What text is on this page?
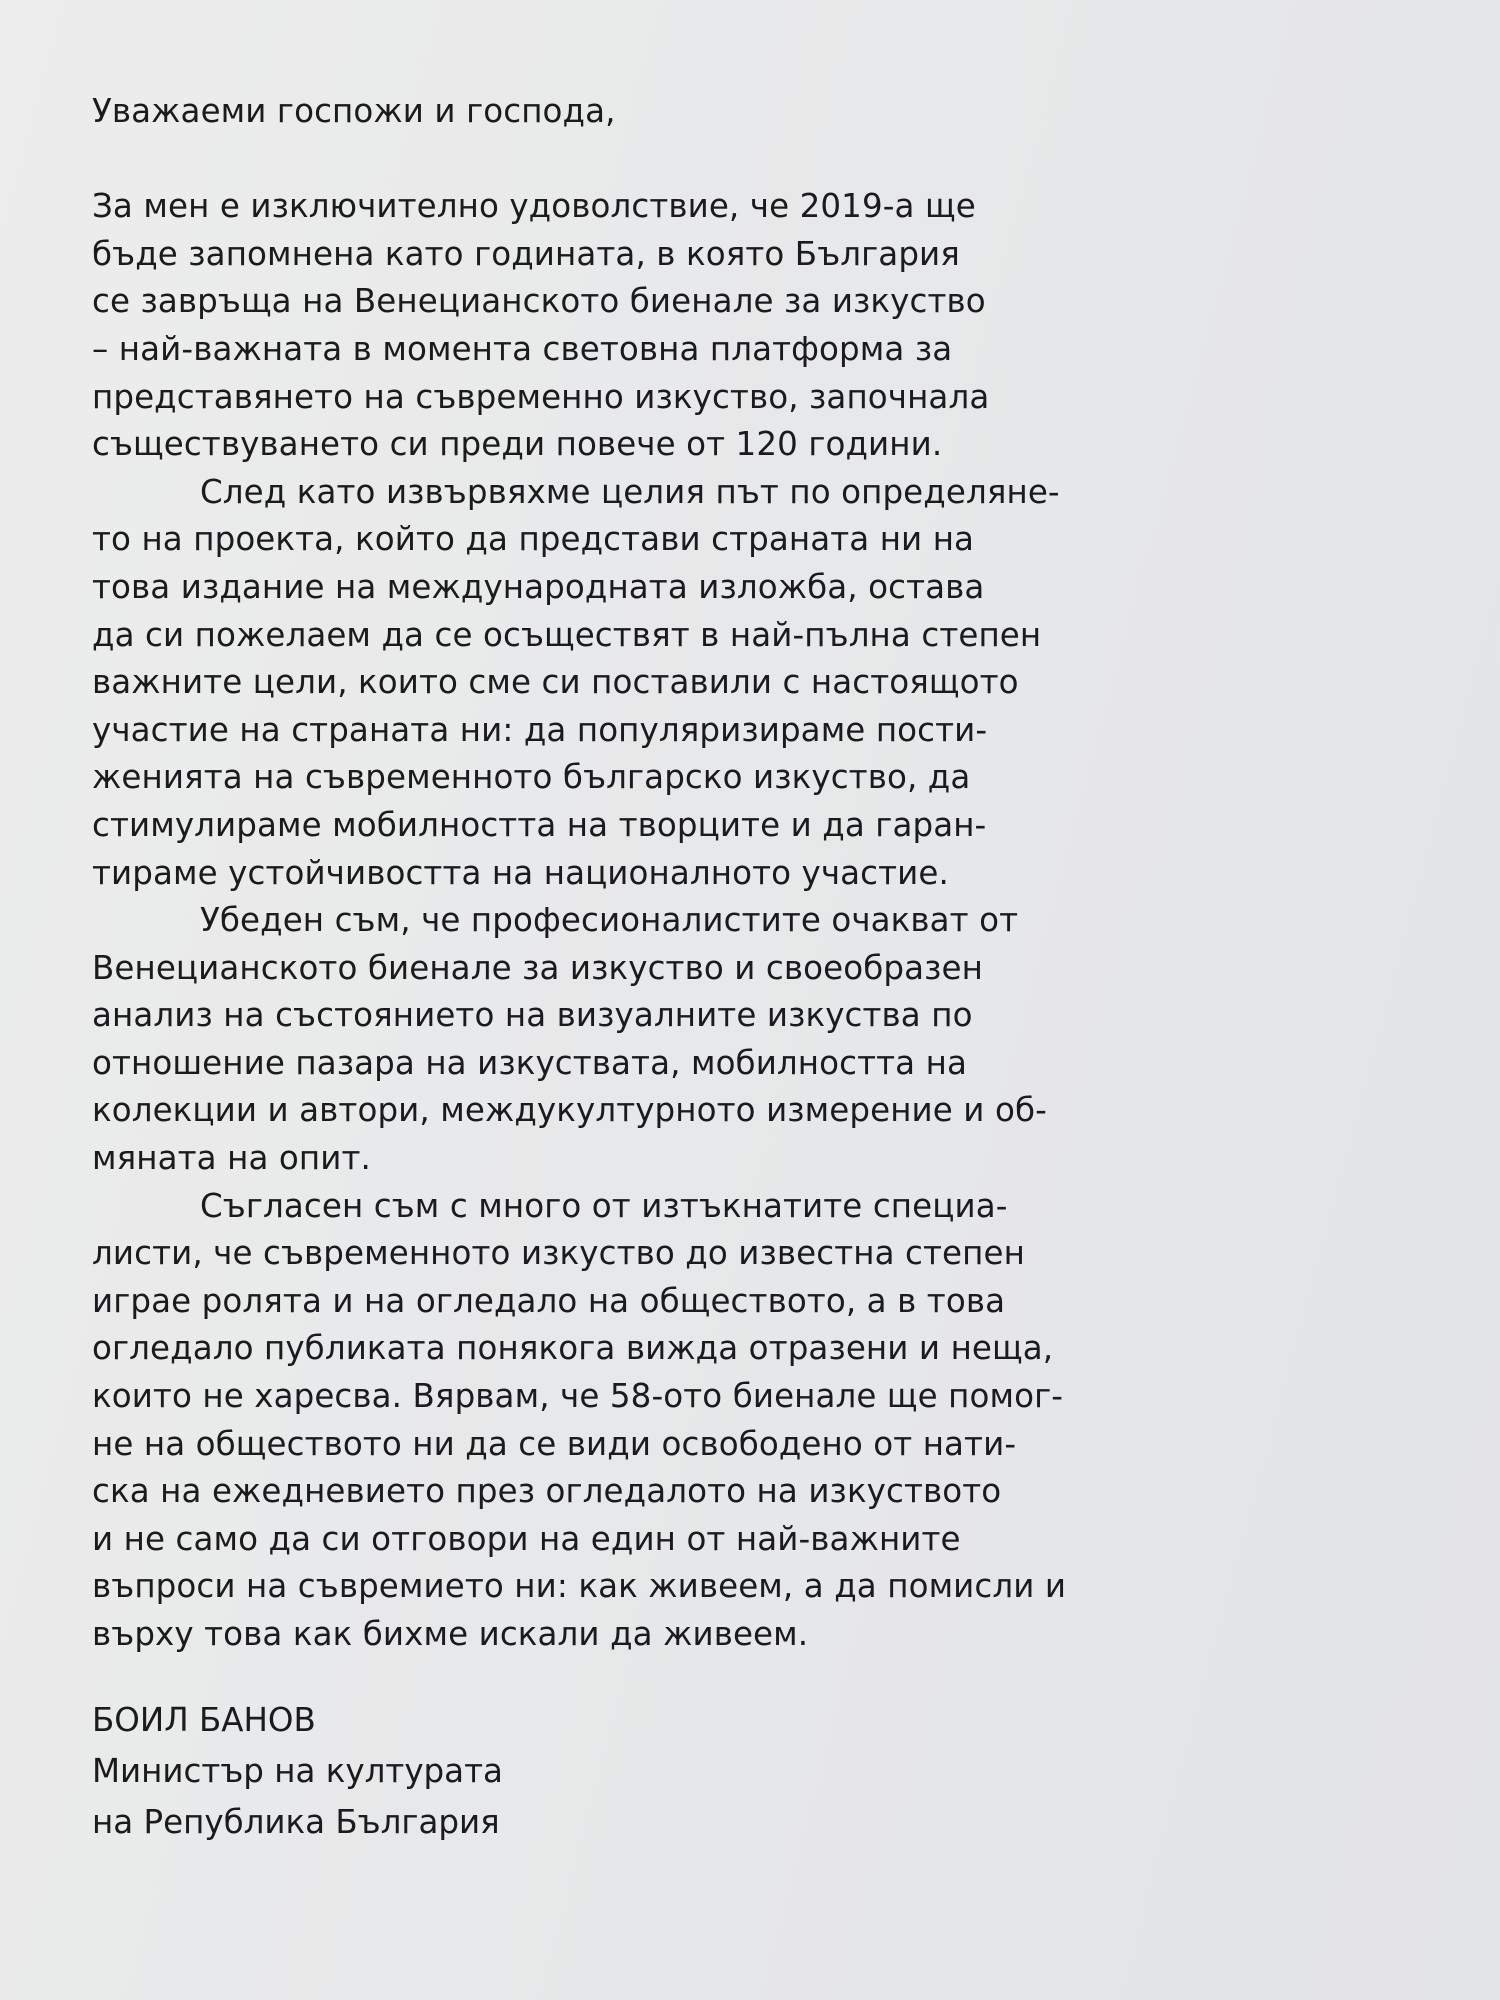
Уважаеми госпожи и господа,
За мен е изключително удоволствие, че 2019-а ще
бъде запомнена като годината, в която България
се завръща на Венецианското биенале за изкуство
– най-важната в момента световна платформа за
представянето на съвременно изкуство, започнала
съществуването си преди повече от 120 години.
След като извървяхме целия път по определяне-
то на проекта, който да представи страната ни на
това издание на международната изложба, остава
да си пожелаем да се осъществят в най-пълна степен
важните цели, които сме си поставили с настоящото
участие на страната ни: да популяризираме пости-
женията на съвременното българско изкуство, да
стимулираме мобилността на творците и да гаран-
тираме устойчивостта на националното участие.
Убеден съм, че професионалистите очакват от
Венецианското биенале за изкуство и своеобразен
анализ на състоянието на визуалните изкуства по
отношение пазара на изкуствата, мобилността на
колекции и автори, междукултурното измерение и об-
мяната на опит.
Съгласен съм с много от изтъкнатите специа-
листи, че съвременното изкуство до известна степен
играе ролята и на огледало на обществото, а в това
огледало публиката понякога вижда отразени и неща,
които не харесва. Вярвам, че 58-ото биенале ще помог-
не на обществото ни да се види освободено от нати-
ска на ежедневието през огледалото на изкуството
и не само да си отговори на един от най-важните
въпроси на съвремието ни: как живеем, а да помисли и
върху това как бихме искали да живеем.
БОИЛ БАНОВ
Министър на културата
на Република България
